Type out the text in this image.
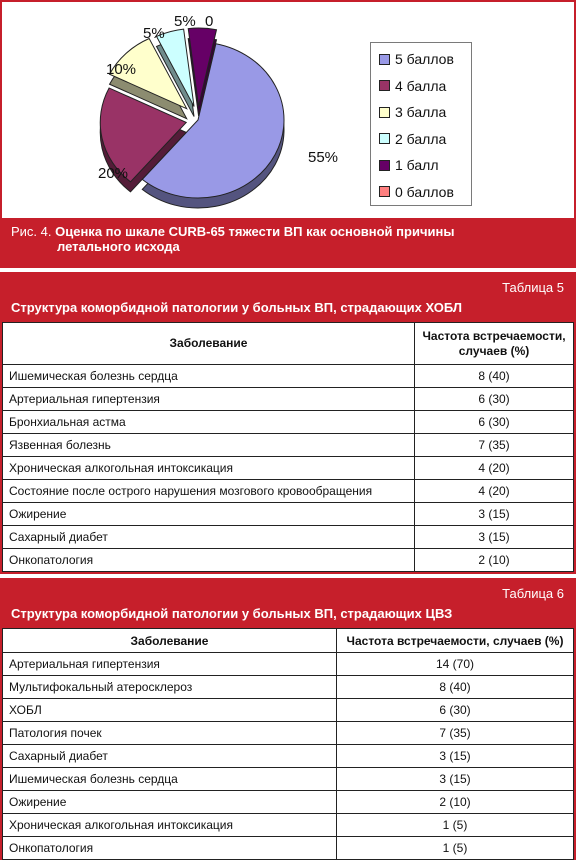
55%
20%
10%
5%
5% 0
5 баллов
4 балла
3 балла
2 балла
1 балл
0 баллов
Рис. 4. Оценка по шкале CURB-65 тяжести ВП как основной причины
летального исхода
Таблица 5
Структура коморбидной патологии у больных ВП, страдающих ХОБЛ
Заболевание	Частота встречаемости, случаев (%)
Ишемическая болезнь сердца	8 (40)
Артериальная гипертензия	6 (30)
Бронхиальная астма	6 (30)
Язвенная болезнь	7 (35)
Хроническая алкогольная интоксикация	4 (20)
Состояние после острого нарушения мозгового кровообращения	4 (20)
Ожирение	3 (15)
Сахарный диабет	3 (15)
Онкопатология	2 (10)
Таблица 6
Структура коморбидной патологии у больных ВП, страдающих ЦВЗ
Заболевание	Частота встречаемости, случаев (%)
Артериальная гипертензия	14 (70)
Мультифокальный атеросклероз	8 (40)
ХОБЛ	6 (30)
Патология почек	7 (35)
Сахарный диабет	3 (15)
Ишемическая болезнь сердца	3 (15)
Ожирение	2 (10)
Хроническая алкогольная интоксикация	1 (5)
Онкопатология	1 (5)
